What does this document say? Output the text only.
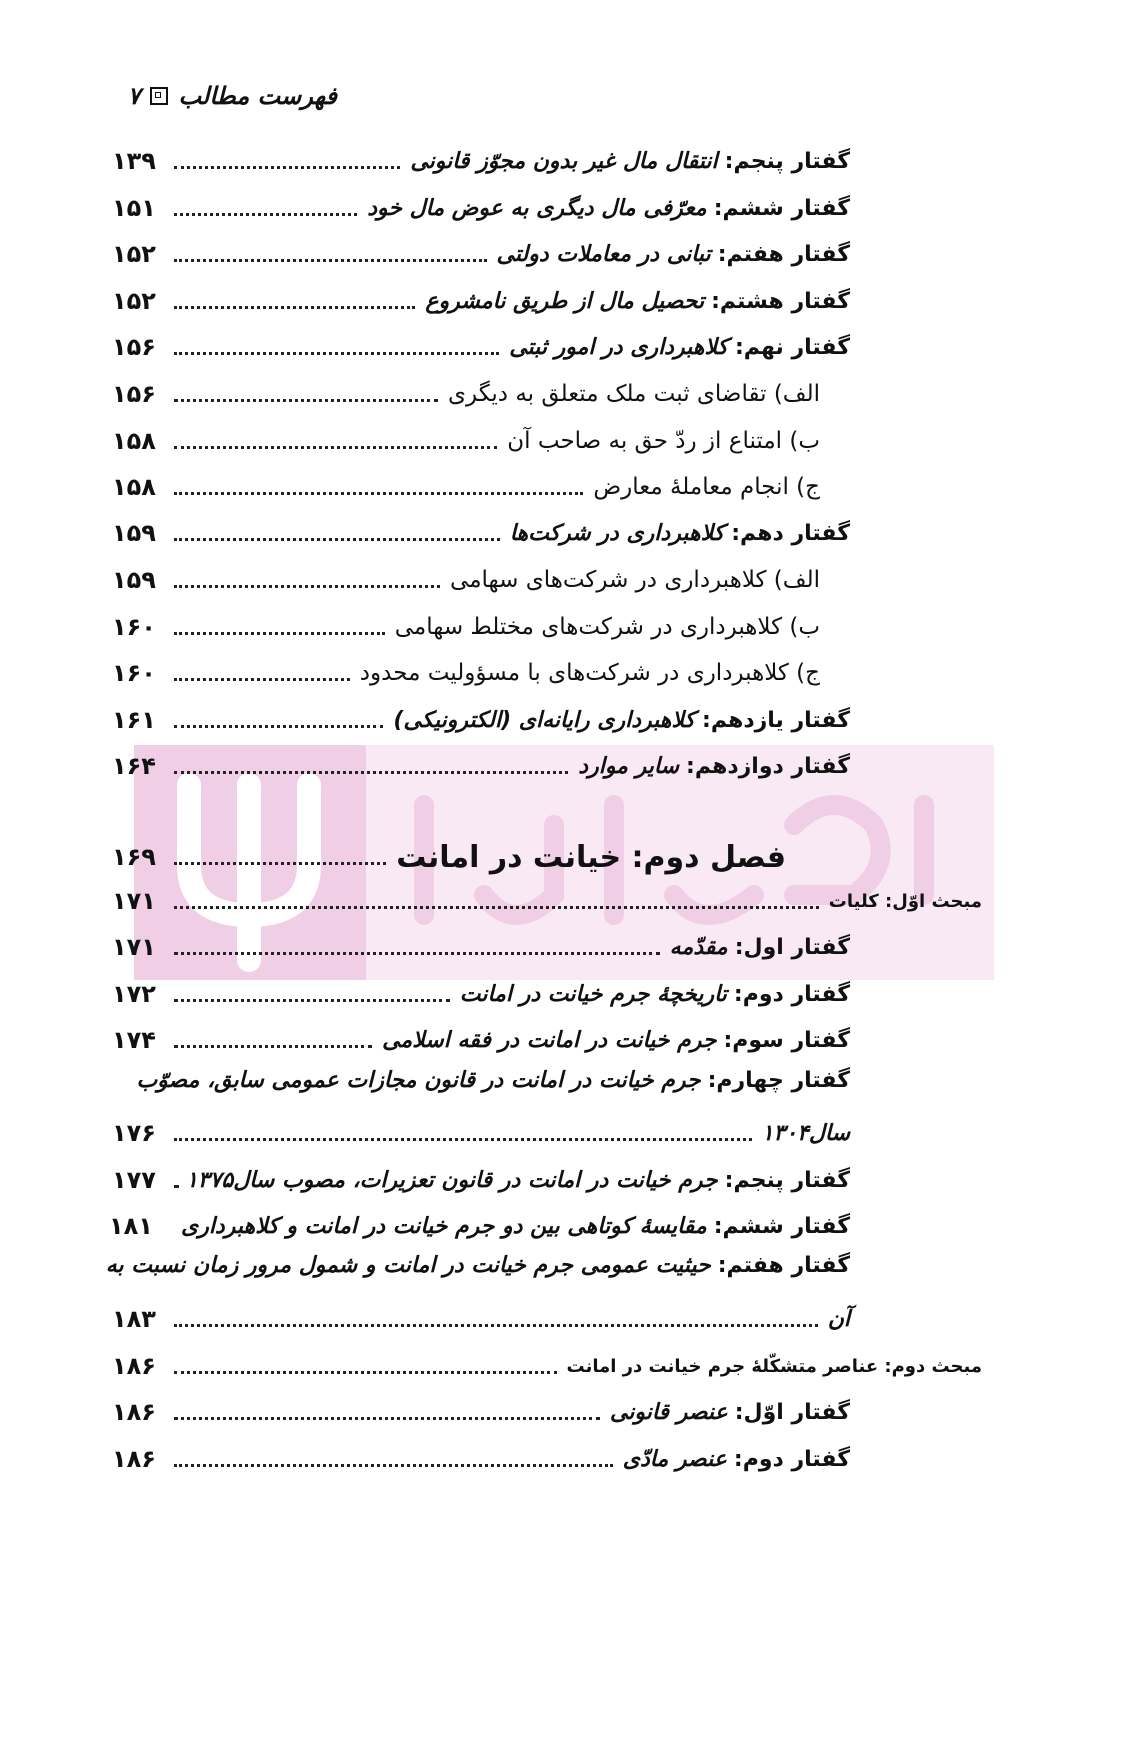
فهرست مطالب
۷
گفتار پنجم: انتقال مال غیر بدون مجوّز قانونی
۱۳۹
گفتار ششم: معرّفی مال دیگری به عوض مال خود
۱۵۱
گفتار هفتم: تبانی در معاملات دولتی
۱۵۲
گفتار هشتم: تحصیل مال از طریق نامشروع
۱۵۲
گفتار نهم: کلاهبرداری در امور ثبتی
۱۵۶
الف) تقاضای ثبت ملک متعلق به دیگری
۱۵۶
ب) امتناع از ردّ حق به صاحب آن
۱۵۸
ج) انجام معاملهٔ معارض
۱۵۸
گفتار دهم: کلاهبرداری در شرکت‌ها
۱۵۹
الف) کلاهبرداری در شرکت‌های سهامی
۱۵۹
ب) کلاهبرداری در شرکت‌های مختلط سهامی
۱۶۰
ج) کلاهبرداری در شرکت‌های با مسؤولیت محدود
۱۶۰
گفتار یازدهم: کلاهبرداری رایانه‌ای (الکترونیکی)
۱۶۱
گفتار دوازدهم: سایر موارد
۱۶۴
فصل دوم: خیانت در امانت
۱۶۹
مبحث اوّل: کلیات
۱۷۱
گفتار اول: مقدّمه
۱۷۱
گفتار دوم: تاریخچهٔ جرم خیانت در امانت
۱۷۲
گفتار سوم: جرم خیانت در امانت در فقه اسلامی
۱۷۴
گفتار چهارم: جرم خیانت در امانت در قانون مجازات عمومی سابق، مصوّب
سال۱۳۰۴
۱۷۶
گفتار پنجم: جرم خیانت در امانت در قانون تعزیرات، مصوب سال۱۳۷۵
۱۷۷
گفتار ششم: مقایسهٔ کوتاهی بین دو جرم خیانت در امانت و کلاهبرداری
۱۸۱
گفتار هفتم: حیثیت عمومی جرم خیانت در امانت و شمول مرور زمان نسبت به
آن
۱۸۳
مبحث دوم: عناصر متشکّلهٔ جرم خیانت در امانت
۱۸۶
گفتار اوّل: عنصر قانونی
۱۸۶
گفتار دوم: عنصر مادّی
۱۸۶
